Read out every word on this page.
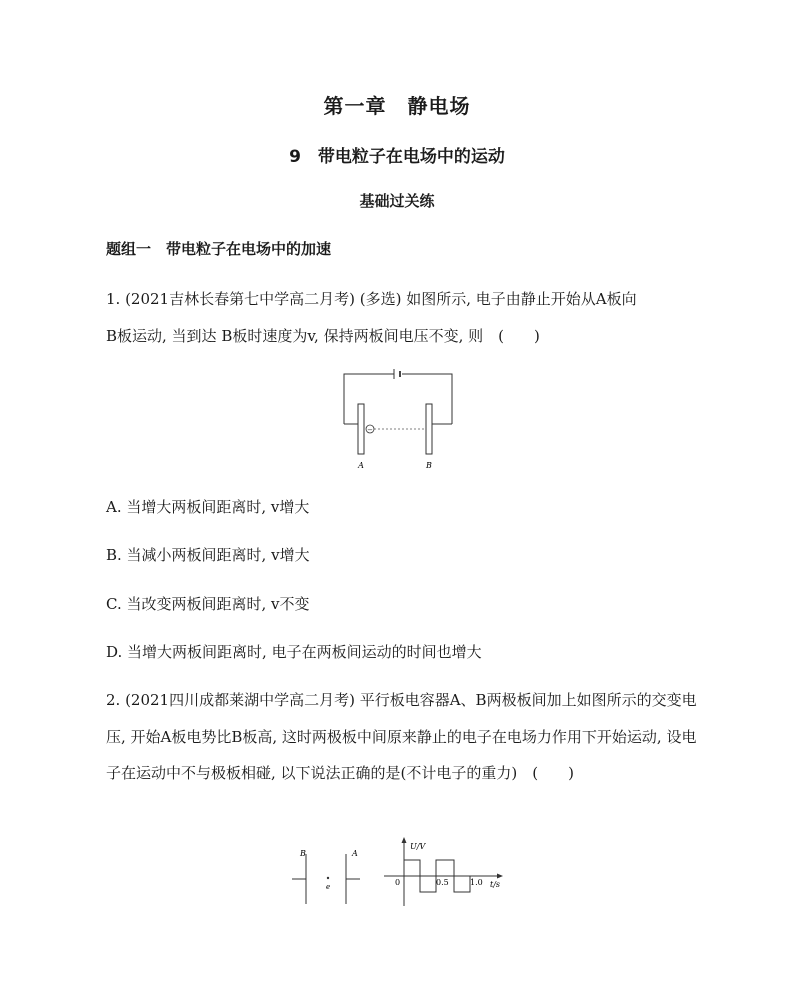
第一章　静电场
9　带电粒子在电场中的运动
基础过关练
题组一　带电粒子在电场中的加速
1. (2021吉林长春第七中学高二月考) (多选) 如图所示, 电子由静止开始从A板向
B板运动, 当到达 B板时速度为v, 保持两板间电压不变, 则　(　　)
−
A	B
A. 当增大两板间距离时, v增大
B. 当减小两板间距离时, v增大
C. 当改变两板间距离时, v不变
D. 当增大两板间距离时, 电子在两板间运动的时间也增大
2. (2021四川成都莱湖中学高二月考) 平行板电容器A、B两极板间加上如图所示的交变电压, 开始A板电势比B板高, 这时两极板中间原来静止的电子在电场力作用下开始运动, 设电子在运动中不与极板相碰, 以下说法正确的是(不计电子的重力)　(　　)
B	A
e
U/V
t/s
0	0.5	1.0
